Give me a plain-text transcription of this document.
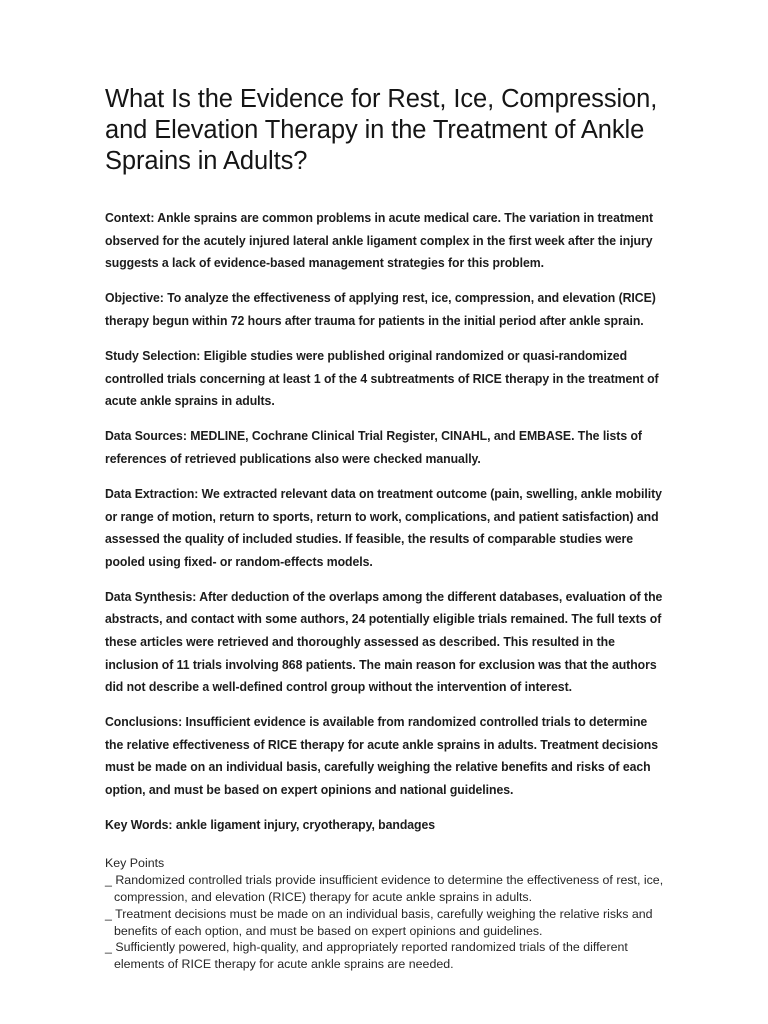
What Is the Evidence for Rest, Ice, Compression, and Elevation Therapy in the Treatment of Ankle Sprains in Adults?

Context: Ankle sprains are common problems in acute medical care. The variation in treatment observed for the acutely injured lateral ankle ligament complex in the first week after the injury suggests a lack of evidence-based management strategies for this problem.

Objective: To analyze the effectiveness of applying rest, ice, compression, and elevation (RICE) therapy begun within 72 hours after trauma for patients in the initial period after ankle sprain.

Study Selection: Eligible studies were published original randomized or quasi-randomized controlled trials concerning at least 1 of the 4 subtreatments of RICE therapy in the treatment of acute ankle sprains in adults.

Data Sources: MEDLINE, Cochrane Clinical Trial Register, CINAHL, and EMBASE. The lists of references of retrieved publications also were checked manually.

Data Extraction: We extracted relevant data on treatment outcome (pain, swelling, ankle mobility or range of motion, return to sports, return to work, complications, and patient satisfaction) and assessed the quality of included studies. If feasible, the results of comparable studies were pooled using fixed- or random-effects models.

Data Synthesis: After deduction of the overlaps among the different databases, evaluation of the abstracts, and contact with some authors, 24 potentially eligible trials remained. The full texts of these articles were retrieved and thoroughly assessed as described. This resulted in the inclusion of 11 trials involving 868 patients. The main reason for exclusion was that the authors did not describe a well-defined control group without the intervention of interest.

Conclusions: Insufficient evidence is available from randomized controlled trials to determine the relative effectiveness of RICE therapy for acute ankle sprains in adults. Treatment decisions must be made on an individual basis, carefully weighing the relative benefits and risks of each option, and must be based on expert opinions and national guidelines.

Key Words: ankle ligament injury, cryotherapy, bandages

Key Points
_ Randomized controlled trials provide insufficient evidence to determine the effectiveness of rest, ice, compression, and elevation (RICE) therapy for acute ankle sprains in adults.
_ Treatment decisions must be made on an individual basis, carefully weighing the relative risks and benefits of each option, and must be based on expert opinions and guidelines.
_ Sufficiently powered, high-quality, and appropriately reported randomized trials of the different elements of RICE therapy for acute ankle sprains are needed.
